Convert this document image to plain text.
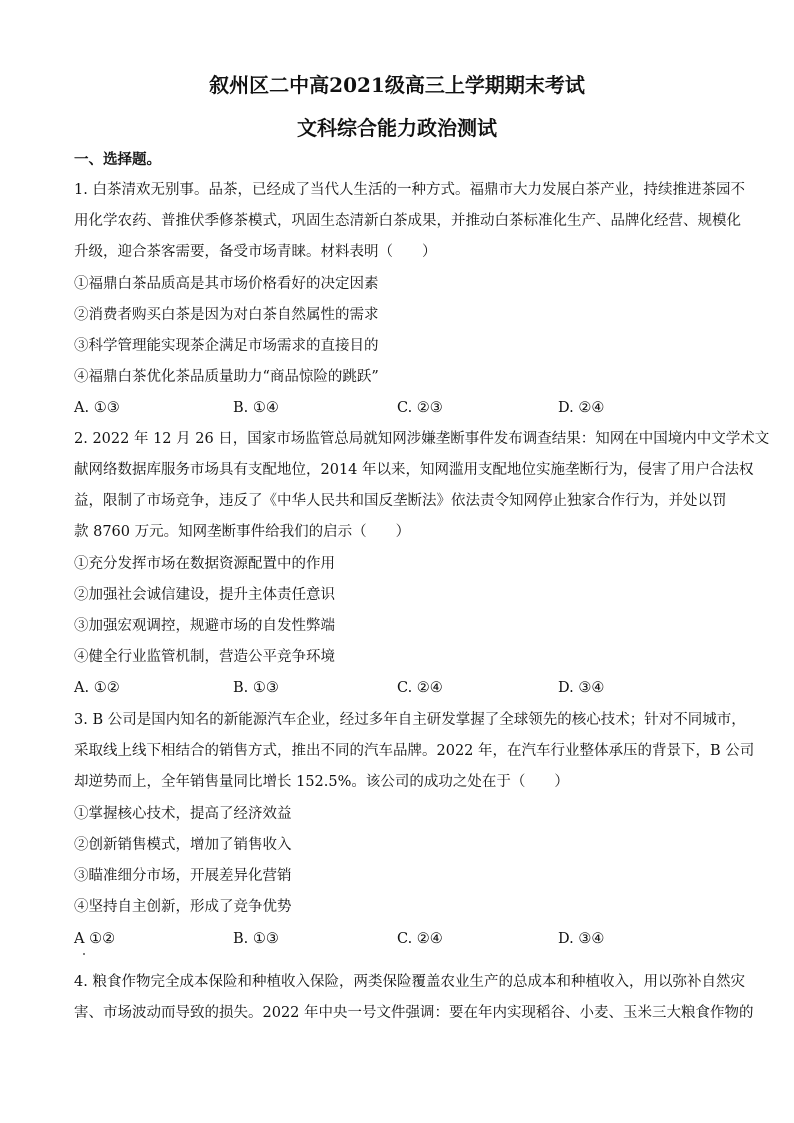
叙州区二中高2021级高三上学期期末考试
文科综合能力政治测试
一、选择题。
1. 白茶清欢无别事。品茶，已经成了当代人生活的一种方式。福鼎市大力发展白茶产业，持续推进茶园不
用化学农药、普推伏季修茶模式，巩固生态清新白茶成果，并推动白茶标准化生产、品牌化经营、规模化
升级，迎合茶客需要，备受市场青睐。材料表明（　　）
①福鼎白茶品质高是其市场价格看好的决定因素
②消费者购买白茶是因为对白茶自然属性的需求
③科学管理能实现茶企满足市场需求的直接目的
④福鼎白茶优化茶品质量助力“商品惊险的跳跃”
A. ①③	B. ①④	C. ②③	D. ②④
2. 2022 年 12 月 26 日，国家市场监管总局就知网涉嫌垄断事件发布调查结果：知网在中国境内中文学术文
献网络数据库服务市场具有支配地位，2014 年以来，知网滥用支配地位实施垄断行为，侵害了用户合法权
益，限制了市场竞争，违反了《中华人民共和国反垄断法》依法责令知网停止独家合作行为，并处以罚
款 8760 万元。知网垄断事件给我们的启示（　　）
①充分发挥市场在数据资源配置中的作用
②加强社会诚信建设，提升主体责任意识
③加强宏观调控，规避市场的自发性弊端
④健全行业监管机制，营造公平竞争环境
A. ①②	B. ①③	C. ②④	D. ③④
3. B 公司是国内知名的新能源汽车企业，经过多年自主研发掌握了全球领先的核心技术；针对不同城市，
采取线上线下相结合的销售方式，推出不同的汽车品牌。2022 年，在汽车行业整体承压的背景下，B 公司
却逆势而上，全年销售量同比增长 152.5%。该公司的成功之处在于（　　）
①掌握核心技术，提高了经济效益
②创新销售模式，增加了销售收入
③瞄准细分市场，开展差异化营销
④坚持自主创新，形成了竞争优势
A ①②	B. ①③	C. ②④	D. ③④
4. 粮食作物完全成本保险和种植收入保险，两类保险覆盖农业生产的总成本和种植收入，用以弥补自然灾
害、市场波动而导致的损失。2022 年中央一号文件强调：要在年内实现稻谷、小麦、玉米三大粮食作物的
